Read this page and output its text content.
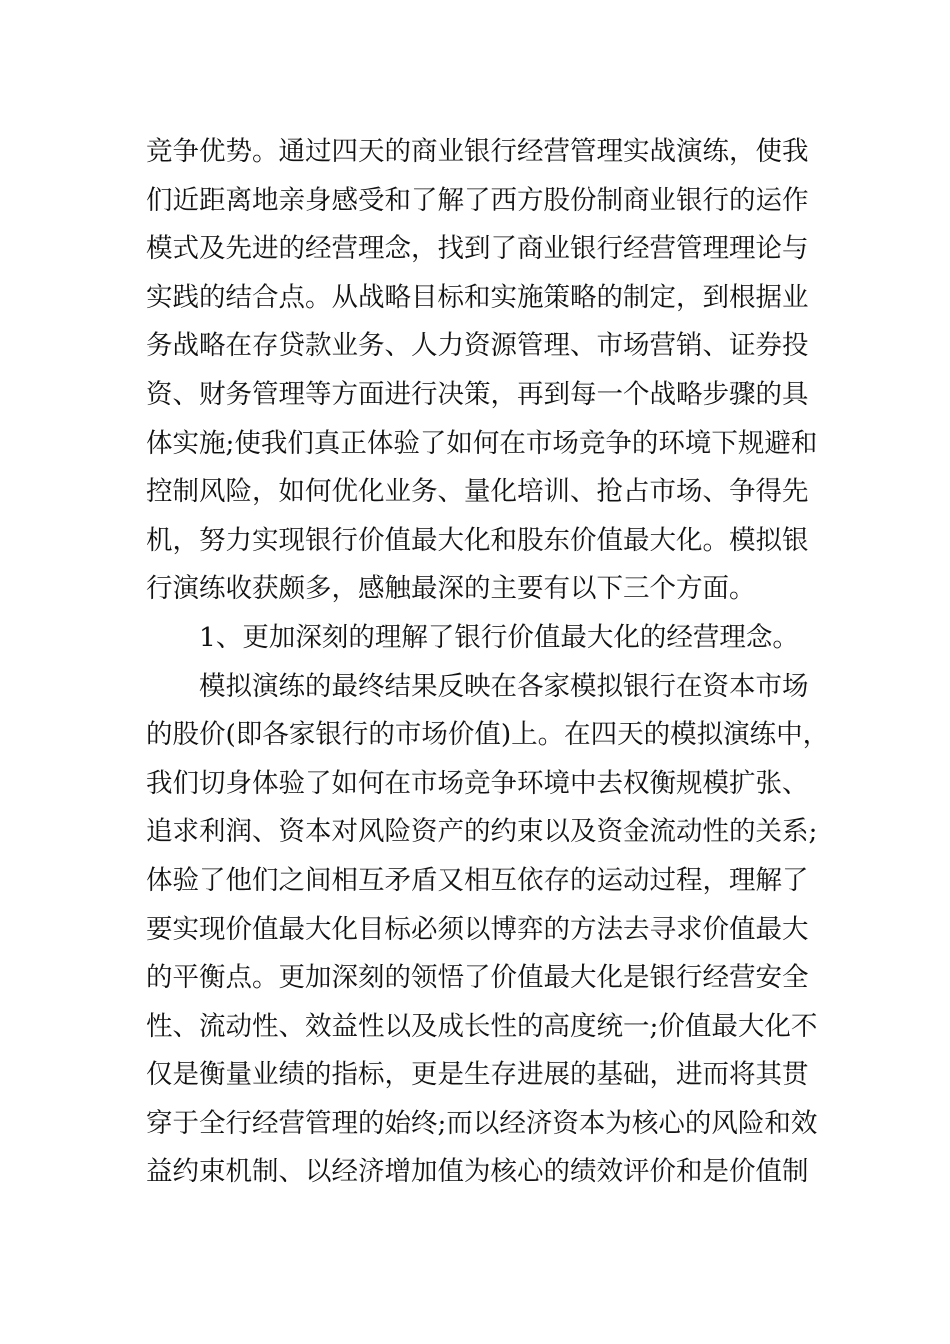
竞争优势。通过四天的商业银行经营管理实战演练，使我
们近距离地亲身感受和了解了西方股份制商业银行的运作
模式及先进的经营理念，找到了商业银行经营管理理论与
实践的结合点。从战略目标和实施策略的制定，到根据业
务战略在存贷款业务、人力资源管理、市场营销、证券投
资、财务管理等方面进行决策，再到每一个战略步骤的具
体实施;使我们真正体验了如何在市场竞争的环境下规避和
控制风险，如何优化业务、量化培训、抢占市场、争得先
机，努力实现银行价值最大化和股东价值最大化。模拟银
行演练收获颇多，感触最深的主要有以下三个方面。
1、更加深刻的理解了银行价值最大化的经营理念。
模拟演练的最终结果反映在各家模拟银行在资本市场
的股价(即各家银行的市场价值)上。在四天的模拟演练中，
我们切身体验了如何在市场竞争环境中去权衡规模扩张、
追求利润、资本对风险资产的约束以及资金流动性的关系;
体验了他们之间相互矛盾又相互依存的运动过程，理解了
要实现价值最大化目标必须以博弈的方法去寻求价值最大
的平衡点。更加深刻的领悟了价值最大化是银行经营安全
性、流动性、效益性以及成长性的高度统一;价值最大化不
仅是衡量业绩的指标，更是生存进展的基础，进而将其贯
穿于全行经营管理的始终;而以经济资本为核心的风险和效
益约束机制、以经济增加值为核心的绩效评价和是价值制
